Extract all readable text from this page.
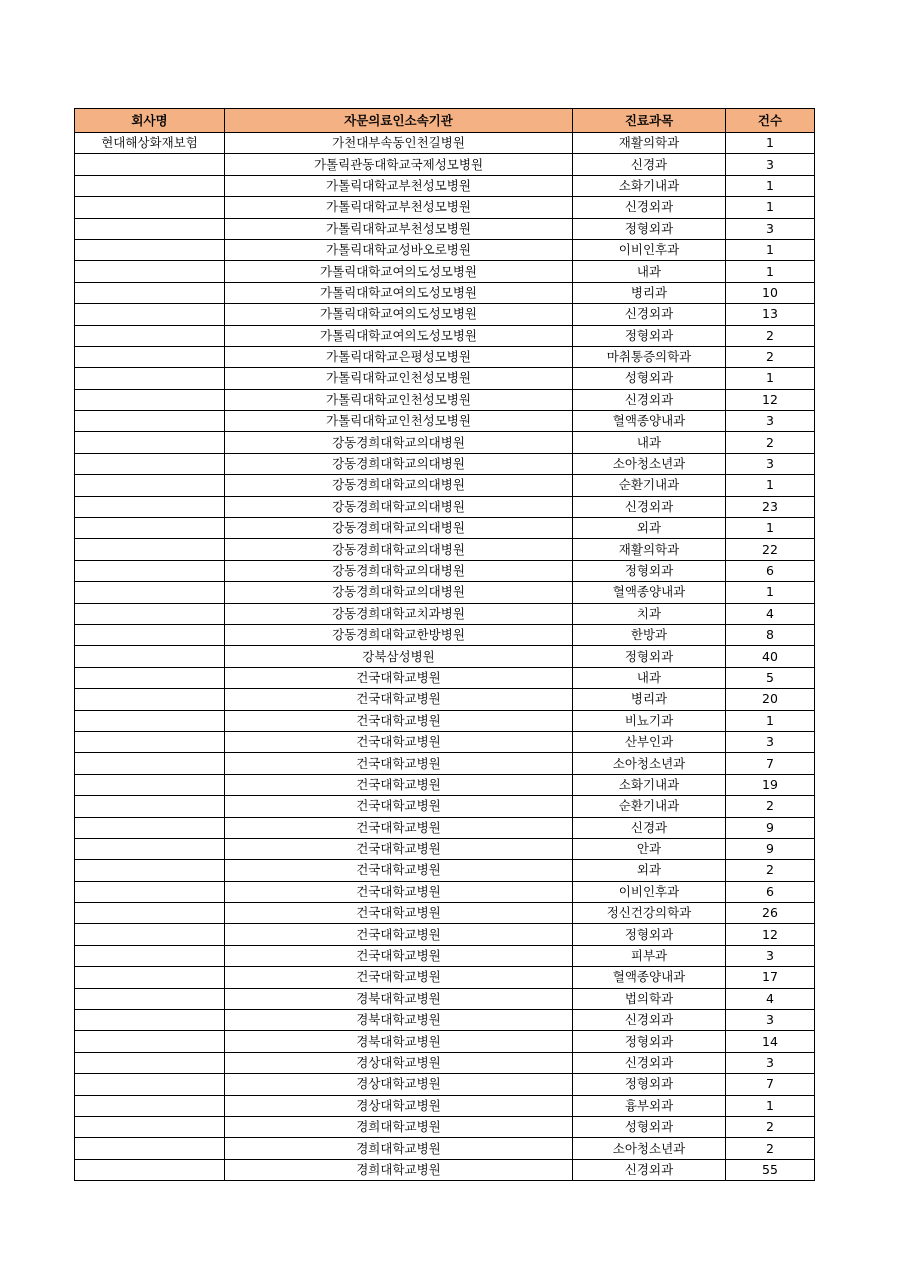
회사명	자문의료인소속기관	진료과목	건수
현대해상화재보험	가천대부속동인천길병원	재활의학과	1
	가톨릭관동대학교국제성모병원	신경과	3
	가톨릭대학교부천성모병원	소화기내과	1
	가톨릭대학교부천성모병원	신경외과	1
	가톨릭대학교부천성모병원	정형외과	3
	가톨릭대학교성바오로병원	이비인후과	1
	가톨릭대학교여의도성모병원	내과	1
	가톨릭대학교여의도성모병원	병리과	10
	가톨릭대학교여의도성모병원	신경외과	13
	가톨릭대학교여의도성모병원	정형외과	2
	가톨릭대학교은평성모병원	마취통증의학과	2
	가톨릭대학교인천성모병원	성형외과	1
	가톨릭대학교인천성모병원	신경외과	12
	가톨릭대학교인천성모병원	혈액종양내과	3
	강동경희대학교의대병원	내과	2
	강동경희대학교의대병원	소아청소년과	3
	강동경희대학교의대병원	순환기내과	1
	강동경희대학교의대병원	신경외과	23
	강동경희대학교의대병원	외과	1
	강동경희대학교의대병원	재활의학과	22
	강동경희대학교의대병원	정형외과	6
	강동경희대학교의대병원	혈액종양내과	1
	강동경희대학교치과병원	치과	4
	강동경희대학교한방병원	한방과	8
	강북삼성병원	정형외과	40
	건국대학교병원	내과	5
	건국대학교병원	병리과	20
	건국대학교병원	비뇨기과	1
	건국대학교병원	산부인과	3
	건국대학교병원	소아청소년과	7
	건국대학교병원	소화기내과	19
	건국대학교병원	순환기내과	2
	건국대학교병원	신경과	9
	건국대학교병원	안과	9
	건국대학교병원	외과	2
	건국대학교병원	이비인후과	6
	건국대학교병원	정신건강의학과	26
	건국대학교병원	정형외과	12
	건국대학교병원	피부과	3
	건국대학교병원	혈액종양내과	17
	경북대학교병원	법의학과	4
	경북대학교병원	신경외과	3
	경북대학교병원	정형외과	14
	경상대학교병원	신경외과	3
	경상대학교병원	정형외과	7
	경상대학교병원	흉부외과	1
	경희대학교병원	성형외과	2
	경희대학교병원	소아청소년과	2
	경희대학교병원	신경외과	55
